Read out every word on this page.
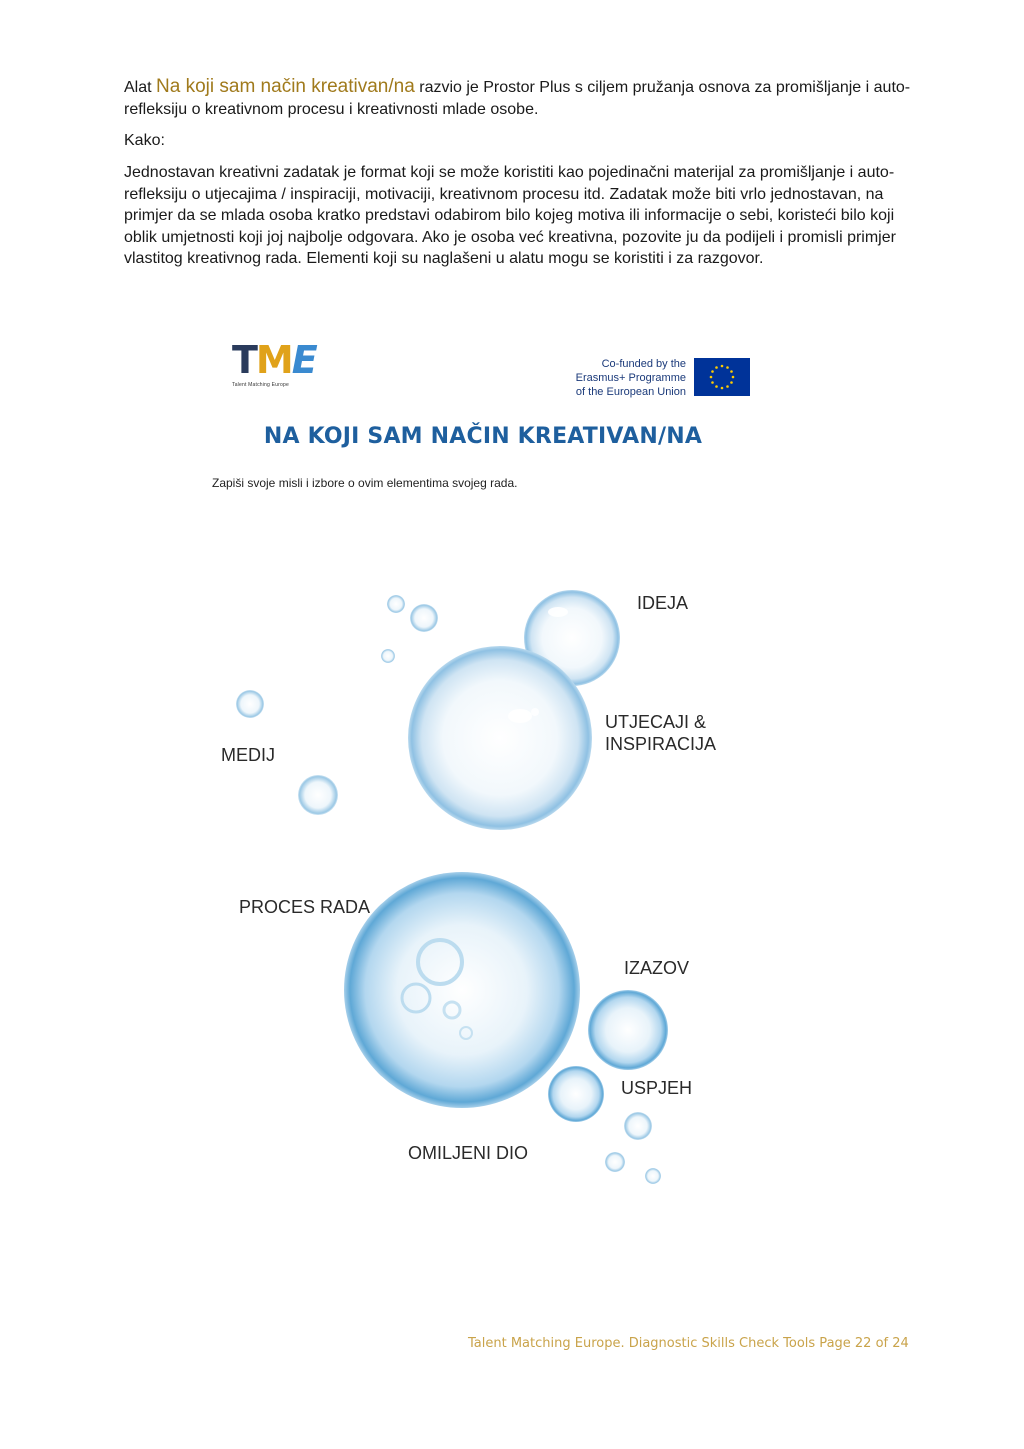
Alat Na koji sam način kreativan/na razvio je Prostor Plus s ciljem pružanja osnova za promišljanje i auto-refleksiju o kreativnom procesu i kreativnosti mlade osobe.

Kako:

Jednostavan kreativni zadatak je format koji se može koristiti kao pojedinačni materijal za promišljanje i auto-refleksiju o utjecajima / inspiraciji, motivaciji, kreativnom procesu itd. Zadatak može biti vrlo jednostavan, na primjer da se mlada osoba kratko predstavi odabirom bilo kojeg motiva ili informacije o sebi, koristeći bilo koji oblik umjetnosti koji joj najbolje odgovara. Ako je osoba već kreativna, pozovite ju da podijeli i promisli primjer vlastitog kreativnog rada. Elementi koji su naglašeni u alatu mogu se koristiti i za razgovor.

TME
Talent Matching Europe
Co-funded by the
Erasmus+ Programme
of the European Union
NA KOJI SAM NAČIN KREATIVAN/NA
Zapiši svoje misli i izbore o ovim elementima svojeg rada.
IDEJA
UTJECAJI &
INSPIRACIJA
MEDIJ
PROCES RADA
IZAZOV
USPJEH
OMILJENI DIO
Talent Matching Europe. Diagnostic Skills Check Tools Page 22 of 24
